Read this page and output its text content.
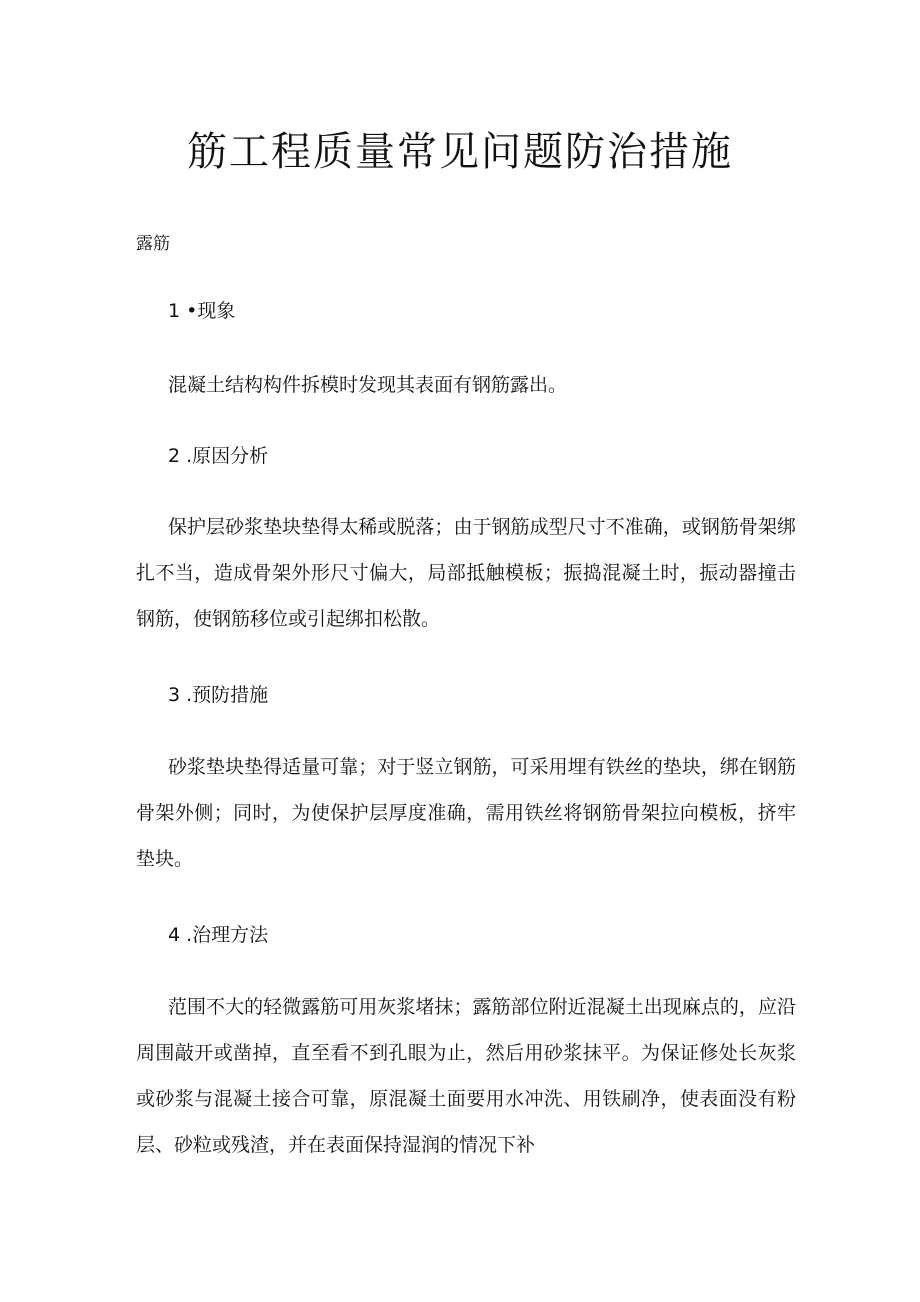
筋工程质量常见问题防治措施
露筋
1 •现象

混凝土结构构件拆模时发现其表面有钢筋露出。

2 .原因分析

保护层砂浆垫块垫得太稀或脱落；由于钢筋成型尺寸不准确，或钢筋骨架绑扎不当，造成骨架外形尺寸偏大，局部抵触模板；振捣混凝土时，振动器撞击钢筋，使钢筋移位或引起绑扣松散。

3 .预防措施

砂浆垫块垫得适量可靠；对于竖立钢筋，可采用埋有铁丝的垫块，绑在钢筋骨架外侧；同时，为使保护层厚度准确，需用铁丝将钢筋骨架拉向模板，挤牢垫块。

4 .治理方法

范围不大的轻微露筋可用灰浆堵抹；露筋部位附近混凝土出现麻点的，应沿周围敲开或凿掉，直至看不到孔眼为止，然后用砂浆抹平。为保证修处长灰浆或砂浆与混凝土接合可靠，原混凝土面要用水冲洗、用铁刷净，使表面没有粉层、砂粒或残渣，并在表面保持湿润的情况下补
